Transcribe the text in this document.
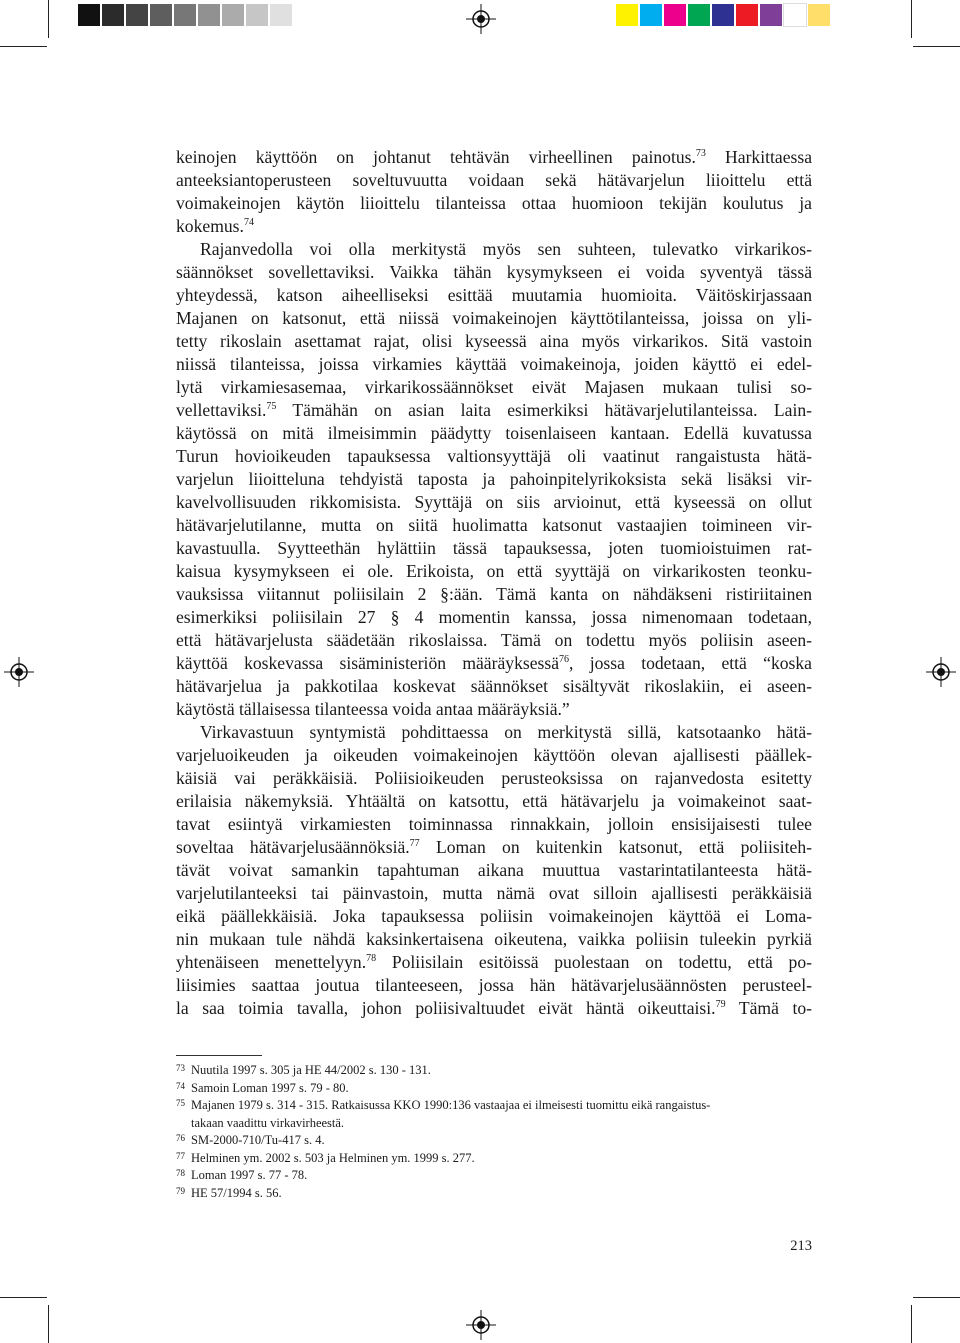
keinojen käyttöön on johtanut tehtävän virheellinen painotus.$^{73}$ Harkittaessa
anteeksiantoperusteen soveltuvuutta voidaan sekä hätävarjelun liioittelu että
voimakeinojen käytön liioittelu tilanteissa ottaa huomioon tekijän koulutus ja
kokemus.$^{74}$

Rajanvedolla voi olla merkitystä myös sen suhteen, tulevatko virkarikos-
säännökset sovellettaviksi. Vaikka tähän kysymykseen ei voida syventyä tässä
yhteydessä, katson aiheelliseksi esittää muutamia huomioita. Väitöskirjassaan
Majanen on katsonut, että niissä voimakeinojen käyttötilanteissa, joissa on yli-
tetty rikoslain asettamat rajat, olisi kyseessä aina myös virkarikos. Sitä vastoin
niissä tilanteissa, joissa virkamies käyttää voimakeinoja, joiden käyttö ei edel-
lytä virkamiesasemaa, virkarikossäännökset eivät Majasen mukaan tulisi so-
vellettaviksi.$^{75}$ Tämähän on asian laita esimerkiksi hätävarjelutilanteissa. Lain-
käytössä on mitä ilmeisimmin päädytty toisenlaiseen kantaan. Edellä kuvatussa
Turun hovioikeuden tapauksessa valtionsyyttäjä oli vaatinut rangaistusta hätä-
varjelun liioitteluna tehdyistä taposta ja pahoinpitelyrikoksista sekä lisäksi vir-
kavelvollisuuden rikkomisista. Syyttäjä on siis arvioinut, että kyseessä on ollut
hätävarjelutilanne, mutta on siitä huolimatta katsonut vastaajien toimineen vir-
kavastuulla. Syytteethän hylättiin tässä tapauksessa, joten tuomioistuimen rat-
kaisua kysymykseen ei ole. Erikoista, on että syyttäjä on virkarikosten teonku-
vauksissa viitannut poliisilain 2 §:ään. Tämä kanta on nähdäkseni ristiriitainen
esimerkiksi poliisilain 27 § 4 momentin kanssa, jossa nimenomaan todetaan,
että hätävarjelusta säädetään rikoslaissa. Tämä on todettu myös poliisin aseen-
käyttöä koskevassa sisäministeriön määräyksessä$^{76}$, jossa todetaan, että “koska
hätävarjelua ja pakkotilaa koskevat säännökset sisältyvät rikoslakiin, ei aseen-
käytöstä tällaisessa tilanteessa voida antaa määräyksiä.”

Virkavastuun syntymistä pohdittaessa on merkitystä sillä, katsotaanko hätä-
varjeluoikeuden ja oikeuden voimakeinojen käyttöön olevan ajallisesti päällek-
käisiä vai peräkkäisiä. Poliisioikeuden perusteoksissa on rajanvedosta esitetty
erilaisia näkemyksiä. Yhtäältä on katsottu, että hätävarjelu ja voimakeinot saat-
tavat esiintyä virkamiesten toiminnassa rinnakkain, jolloin ensisijaisesti tulee
soveltaa hätävarjelusäännöksiä.$^{77}$ Loman on kuitenkin katsonut, että poliisiteh-
tävät voivat samankin tapahtuman aikana muuttua vastarintatilanteesta hätä-
varjelutilanteeksi tai päinvastoin, mutta nämä ovat silloin ajallisesti peräkkäisiä
eikä päällekkäisiä. Joka tapauksessa poliisin voimakeinojen käyttöä ei Loma-
nin mukaan tule nähdä kaksinkertaisena oikeutena, vaikka poliisin tuleekin pyrkiä
yhtenäiseen menettelyyn.$^{78}$ Poliisilain esitöissä puolestaan on todettu, että po-
liisimies saattaa joutua tilanteeseen, jossa hän hätävarjelusäännösten perusteel-
la saa toimia tavalla, johon poliisivaltuudet eivät häntä oikeuttaisi.$^{79}$ Tämä to-

73 Nuutila 1997 s. 305 ja HE 44/2002 s. 130 - 131.
74 Samoin Loman 1997 s. 79 - 80.
75 Majanen 1979 s. 314 - 315. Ratkaisussa KKO 1990:136 vastaajaa ei ilmeisesti tuomittu eikä rangaistus-
takaan vaadittu virkavirheestä.
76 SM-2000-710/Tu-417 s. 4.
77 Helminen ym. 2002 s. 503 ja Helminen ym. 1999 s. 277.
78 Loman 1997 s. 77 - 78.
79 HE 57/1994 s. 56.
213
